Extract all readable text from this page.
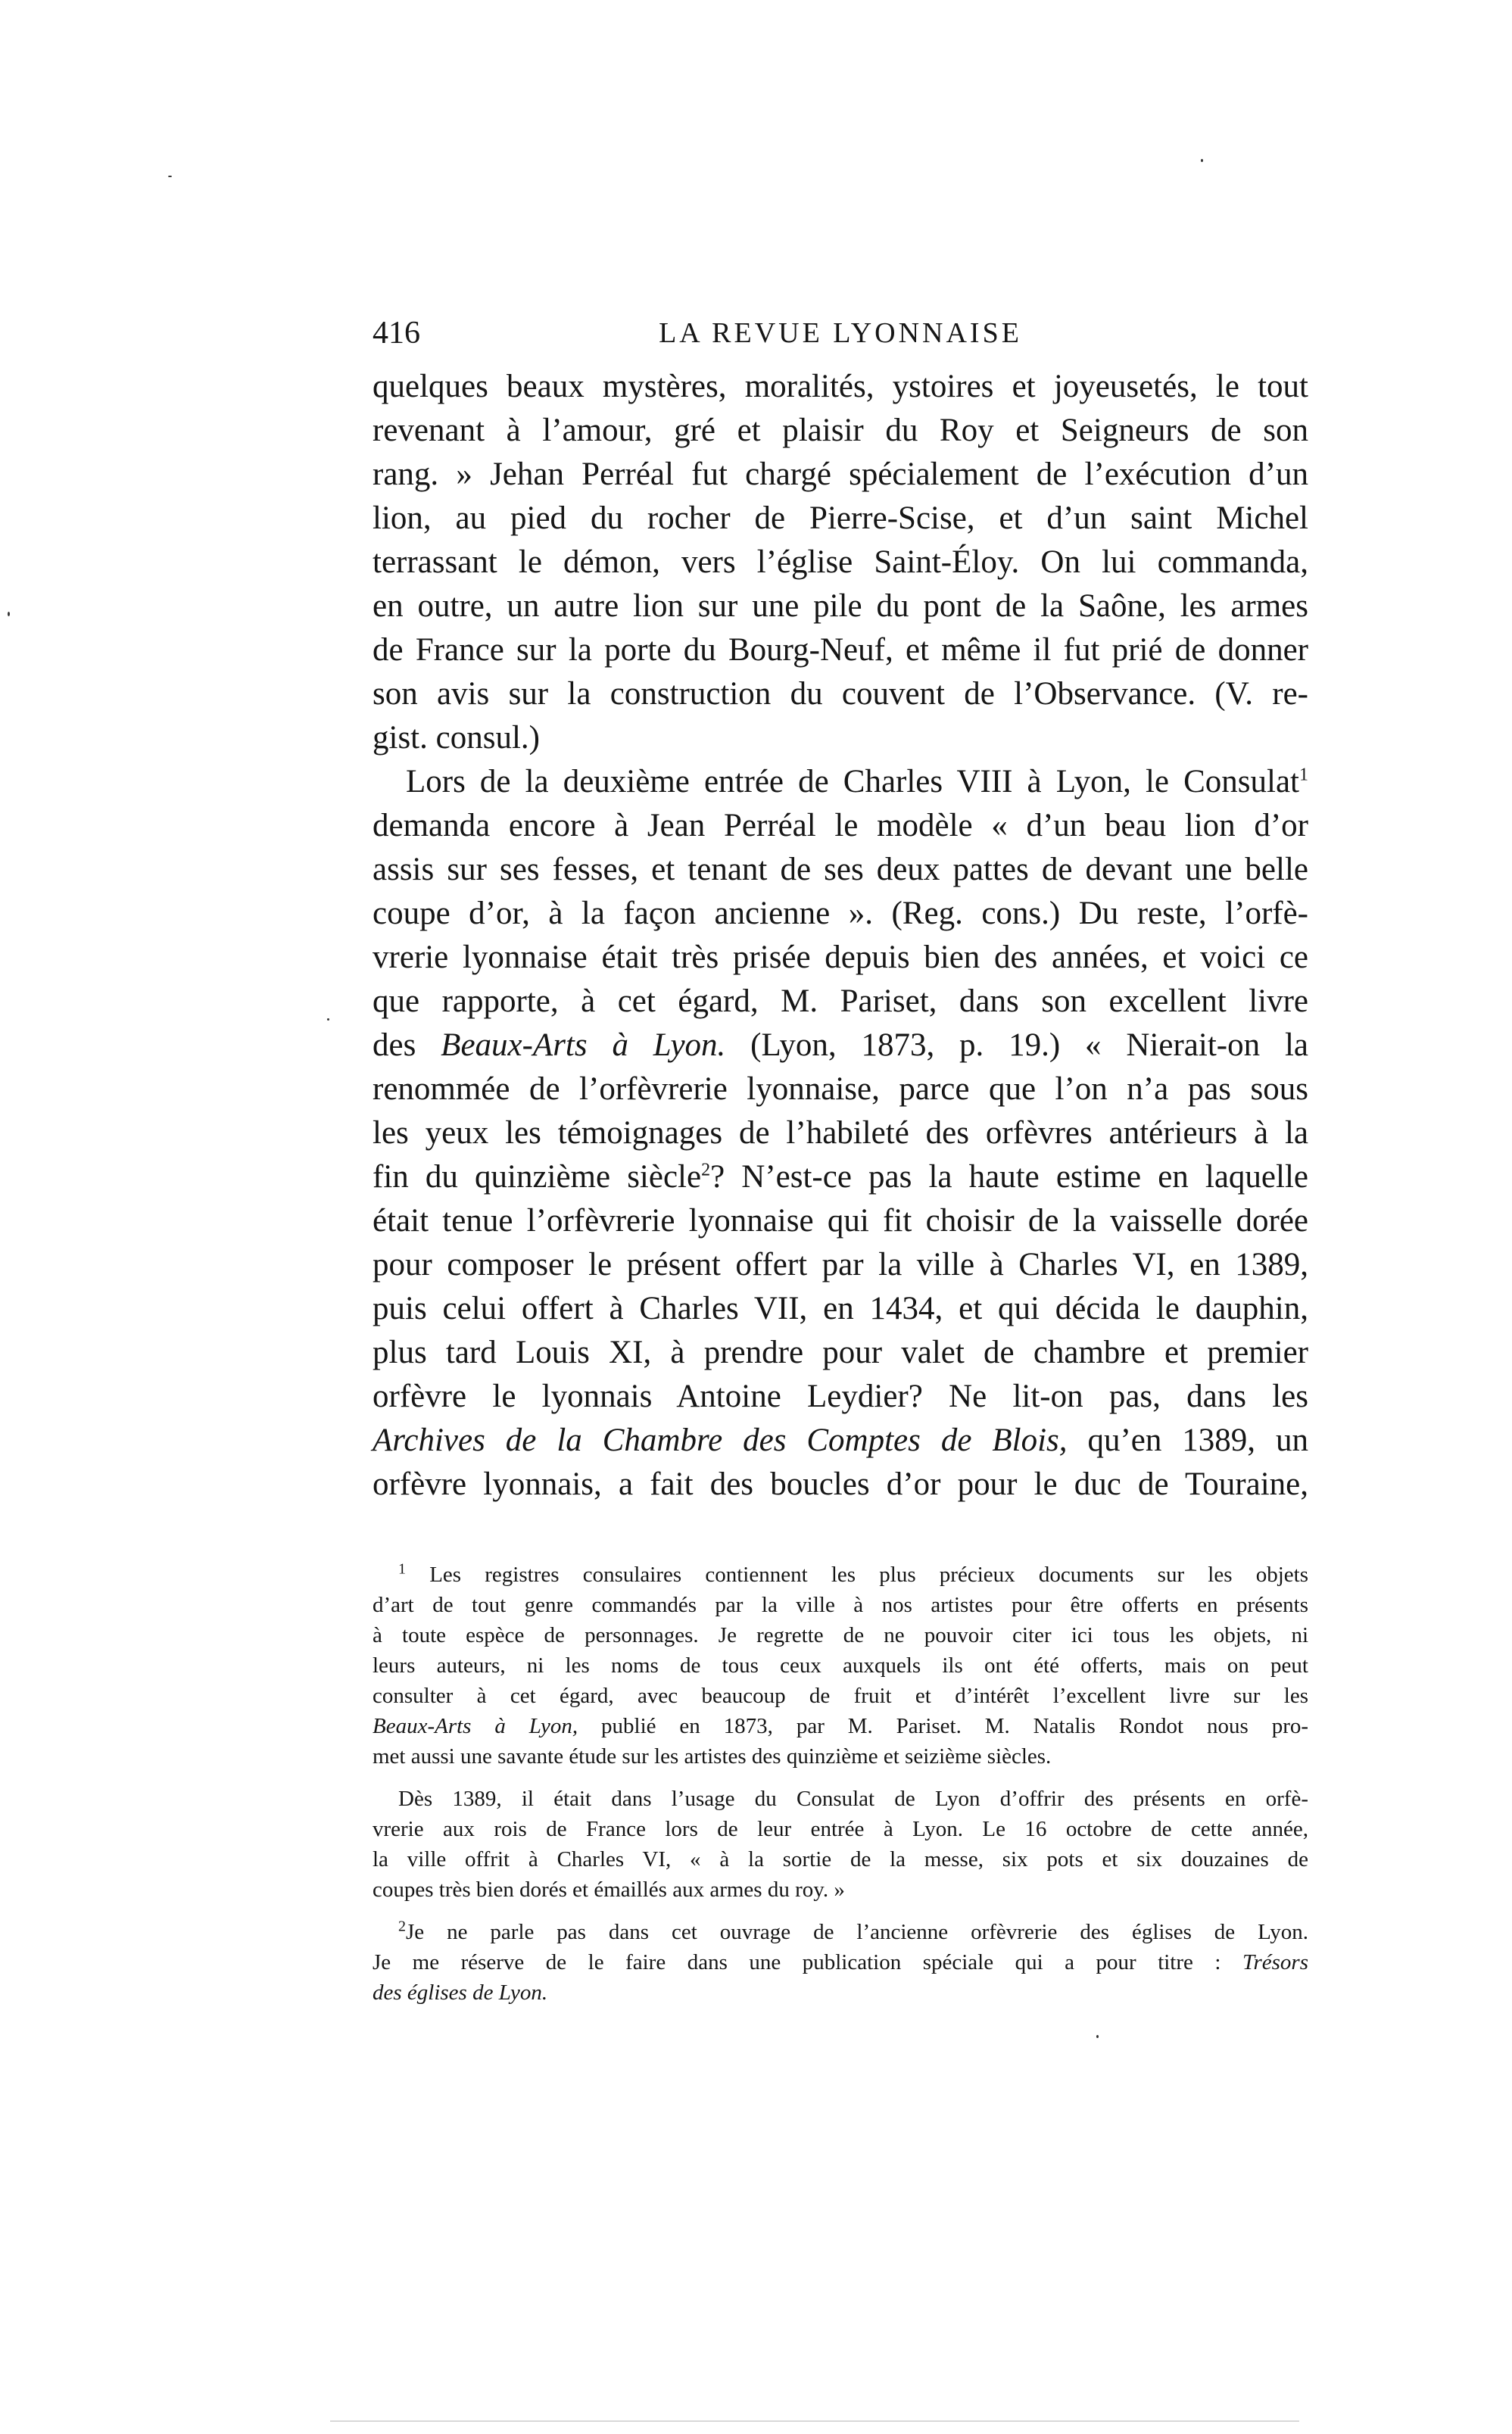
416	LA REVUE LYONNAISE
quelques beaux mystères, moralités, ystoires et joyeusetés, le tout
revenant à l’amour, gré et plaisir du Roy et Seigneurs de son
rang. » Jehan Perréal fut chargé spécialement de l’exécution d’un
lion, au pied du rocher de Pierre-Scise, et d’un saint Michel
terrassant le démon, vers l’église Saint-Éloy. On lui commanda,
en outre, un autre lion sur une pile du pont de la Saône, les armes
de France sur la porte du Bourg-Neuf, et même il fut prié de donner
son avis sur la construction du couvent de l’Observance. (V. re-
gist. consul.)
Lors de la deuxième entrée de Charles VIII à Lyon, le Consulat$^1$
demanda encore à Jean Perréal le modèle « d’un beau lion d’or
assis sur ses fesses, et tenant de ses deux pattes de devant une belle
coupe d’or, à la façon ancienne ». (Reg. cons.) Du reste, l’orfè-
vrerie lyonnaise était très prisée depuis bien des années, et voici ce
que rapporte, à cet égard, M. Pariset, dans son excellent livre
des Beaux-Arts à Lyon. (Lyon, 1873, p. 19.) « Nierait-on la
renommée de l’orfèvrerie lyonnaise, parce que l’on n’a pas sous
les yeux les témoignages de l’habileté des orfèvres antérieurs à la
fin du quinzième siècle$^2$? N’est-ce pas la haute estime en laquelle
était tenue l’orfèvrerie lyonnaise qui fit choisir de la vaisselle dorée
pour composer le présent offert par la ville à Charles VI, en 1389,
puis celui offert à Charles VII, en 1434, et qui décida le dauphin,
plus tard Louis XI, à prendre pour valet de chambre et premier
orfèvre le lyonnais Antoine Leydier? Ne lit-on pas, dans les
Archives de la Chambre des Comptes de Blois, qu’en 1389, un
orfèvre lyonnais, a fait des boucles d’or pour le duc de Touraine,
$^1$ Les registres consulaires contiennent les plus précieux documents sur les objets
d’art de tout genre commandés par la ville à nos artistes pour être offerts en présents
à toute espèce de personnages. Je regrette de ne pouvoir citer ici tous les objets, ni
leurs auteurs, ni les noms de tous ceux auxquels ils ont été offerts, mais on peut
consulter à cet égard, avec beaucoup de fruit et d’intérêt l’excellent livre sur les
Beaux-Arts à Lyon, publié en 1873, par M. Pariset. M. Natalis Rondot nous pro-
met aussi une savante étude sur les artistes des quinzième et seizième siècles.
Dès 1389, il était dans l’usage du Consulat de Lyon d’offrir des présents en orfè-
vrerie aux rois de France lors de leur entrée à Lyon. Le 16 octobre de cette année,
la ville offrit à Charles VI, « à la sortie de la messe, six pots et six douzaines de
coupes très bien dorés et émaillés aux armes du roy. »
$^2$Je ne parle pas dans cet ouvrage de l’ancienne orfèvrerie des églises de Lyon.
Je me réserve de le faire dans une publication spéciale qui a pour titre : Trésors
des églises de Lyon.
